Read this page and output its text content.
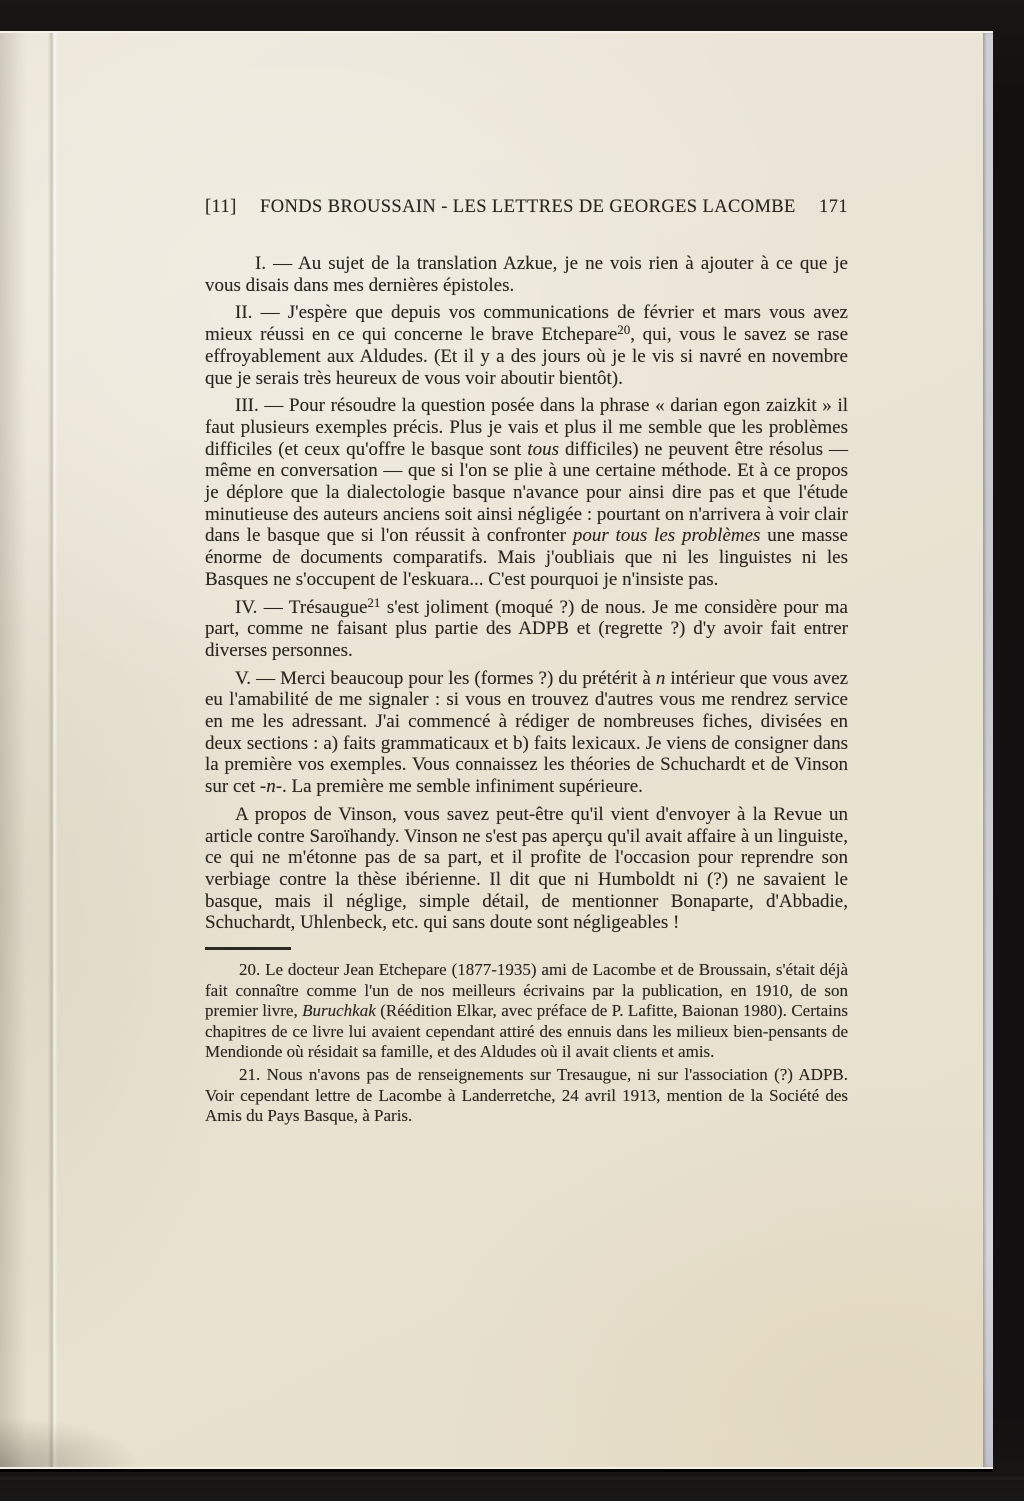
[11]	FONDS BROUSSAIN - LES LETTRES DE GEORGES LACOMBE	171

I. — Au sujet de la translation Azkue, je ne vois rien à ajouter à ce que je vous disais dans mes dernières épistoles.

II. — J'espère que depuis vos communications de février et mars vous avez mieux réussi en ce qui concerne le brave Etchepare$^{20}$, qui, vous le savez se rase effroyablement aux Aldudes. (Et il y a des jours où je le vis si navré en novembre que je serais très heureux de vous voir aboutir bientôt).

III. — Pour résoudre la question posée dans la phrase « darian egon zaizkit » il faut plusieurs exemples précis. Plus je vais et plus il me semble que les problèmes difficiles (et ceux qu'offre le basque sont tous difficiles) ne peuvent être résolus — même en conversation — que si l'on se plie à une certaine méthode. Et à ce propos je déplore que la dialectologie basque n'avance pour ainsi dire pas et que l'étude minutieuse des auteurs anciens soit ainsi négligée : pourtant on n'arrivera à voir clair dans le basque que si l'on réussit à confronter pour tous les problèmes une masse énorme de documents comparatifs. Mais j'oubliais que ni les linguistes ni les Basques ne s'occupent de l'eskuara... C'est pourquoi je n'insiste pas.

IV. — Trésaugue$^{21}$ s'est joliment (moqué ?) de nous. Je me considère pour ma part, comme ne faisant plus partie des ADPB et (regrette ?) d'y avoir fait entrer diverses personnes.

V. — Merci beaucoup pour les (formes ?) du prétérit à n intérieur que vous avez eu l'amabilité de me signaler : si vous en trouvez d'autres vous me rendrez service en me les adressant. J'ai commencé à rédiger de nombreuses fiches, divisées en deux sections : a) faits grammaticaux et b) faits lexicaux. Je viens de consigner dans la première vos exemples. Vous connaissez les théories de Schuchardt et de Vinson sur cet -n-. La première me semble infiniment supérieure.

A propos de Vinson, vous savez peut-être qu'il vient d'envoyer à la Revue un article contre Saroïhandy. Vinson ne s'est pas aperçu qu'il avait affaire à un linguiste, ce qui ne m'étonne pas de sa part, et il profite de l'occasion pour reprendre son verbiage contre la thèse ibérienne. Il dit que ni Humboldt ni (?) ne savaient le basque, mais il néglige, simple détail, de mentionner Bonaparte, d'Abbadie, Schuchardt, Uhlenbeck, etc. qui sans doute sont négligeables !

20. Le docteur Jean Etchepare (1877-1935) ami de Lacombe et de Broussain, s'était déjà fait connaître comme l'un de nos meilleurs écrivains par la publication, en 1910, de son premier livre, Buruchkak (Réédition Elkar, avec préface de P. Lafitte, Baionan 1980). Certains chapitres de ce livre lui avaient cependant attiré des ennuis dans les milieux bien-pensants de Mendionde où résidait sa famille, et des Aldudes où il avait clients et amis.

21. Nous n'avons pas de renseignements sur Tresaugue, ni sur l'association (?) ADPB. Voir cependant lettre de Lacombe à Landerretche, 24 avril 1913, mention de la Société des Amis du Pays Basque, à Paris.
